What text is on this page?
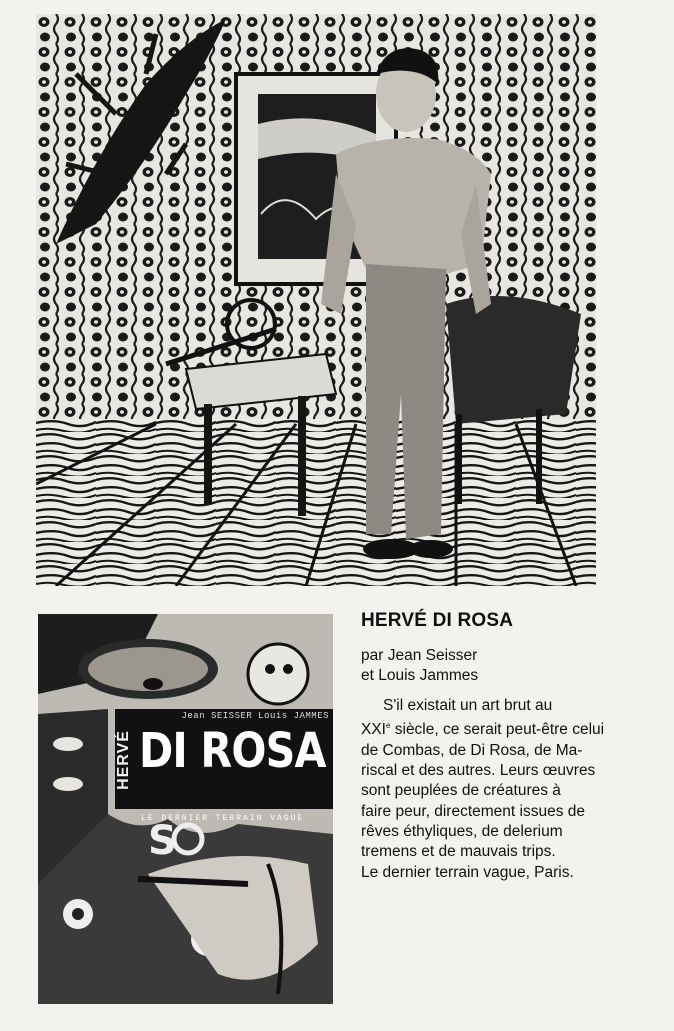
S
Jean SEISSER Louis JAMMES
HERVÉ DI ROSA
LE DERNIER TERRAIN VAGUE
HERVÉ DI ROSA
par Jean Seisser
et Louis Jammes
S'il existait un art brut au
XXIe siècle, ce serait peut-être celui
de Combas, de Di Rosa, de Ma-
riscal et des autres. Leurs œuvres
sont peuplées de créatures à
faire peur, directement issues de
rêves éthyliques, de delerium
tremens et de mauvais trips.
Le dernier terrain vague, Paris.
